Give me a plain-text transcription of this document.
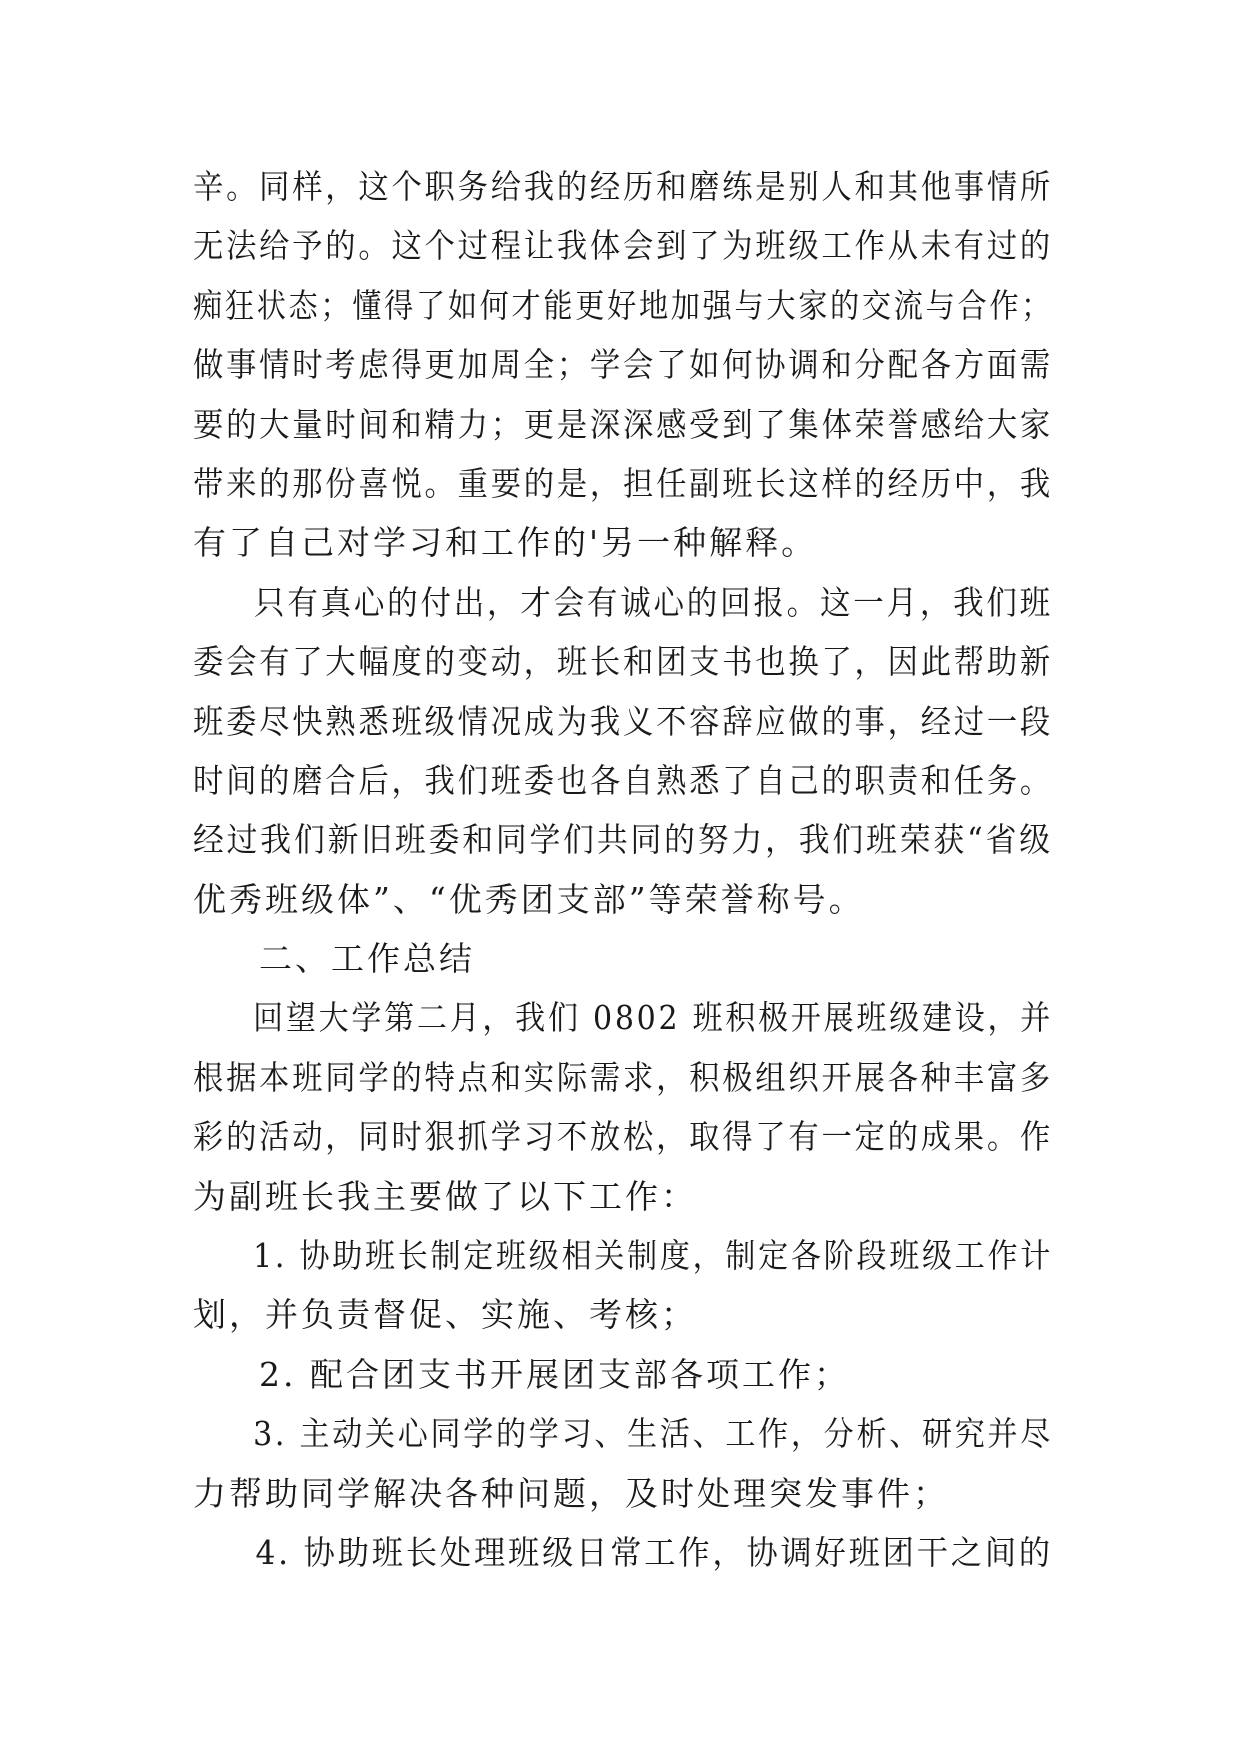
辛。同样，这个职务给我的经历和磨练是别人和其他事情所
无法给予的。这个过程让我体会到了为班级工作从未有过的
痴狂状态；懂得了如何才能更好地加强与大家的交流与合作；
做事情时考虑得更加周全；学会了如何协调和分配各方面需
要的大量时间和精力；更是深深感受到了集体荣誉感给大家
带来的那份喜悦。重要的是，担任副班长这样的经历中，我
有了自己对学习和工作的'另一种解释。
只有真心的付出，才会有诚心的回报。这一月，我们班
委会有了大幅度的变动，班长和团支书也换了，因此帮助新
班委尽快熟悉班级情况成为我义不容辞应做的事，经过一段
时间的磨合后，我们班委也各自熟悉了自己的职责和任务。
经过我们新旧班委和同学们共同的努力，我们班荣获“省级
优秀班级体”、“优秀团支部”等荣誉称号。
二、工作总结
回望大学第二月，我们 0802 班积极开展班级建设，并
根据本班同学的特点和实际需求，积极组织开展各种丰富多
彩的活动，同时狠抓学习不放松，取得了有一定的成果。作
为副班长我主要做了以下工作：
1. 协助班长制定班级相关制度，制定各阶段班级工作计
划，并负责督促、实施、考核；
2. 配合团支书开展团支部各项工作；
3. 主动关心同学的学习、生活、工作，分析、研究并尽
力帮助同学解决各种问题，及时处理突发事件；
4. 协助班长处理班级日常工作，协调好班团干之间的
